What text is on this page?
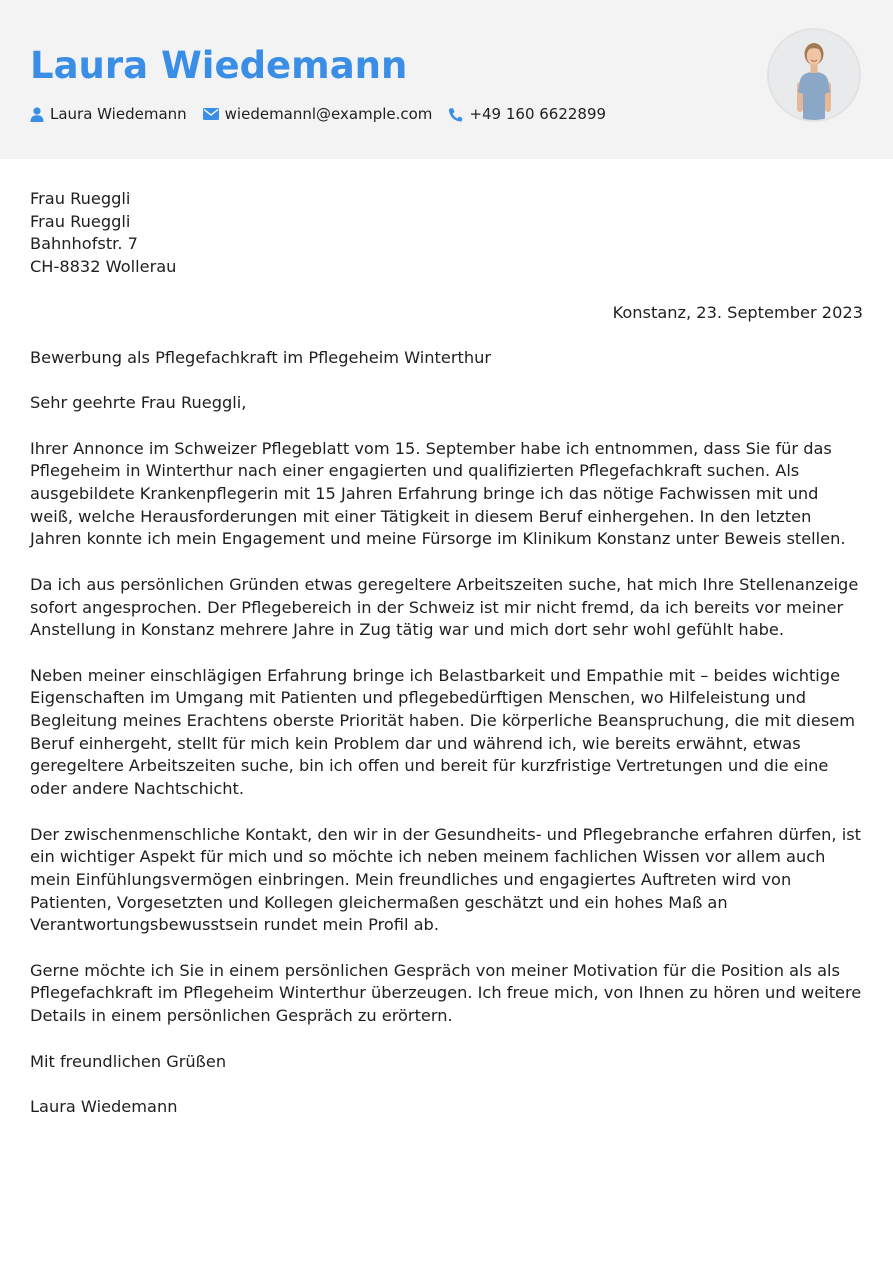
Laura Wiedemann
Laura Wiedemann	wiedemannl@example.com +49 160 6622899

Frau Rueggli

Frau Rueggli

Bahnhofstr. 7

CH-8832 Wollerau

Konstanz, 23. September 2023

Bewerbung als Pflegefachkraft im Pflegeheim Winterthur

Sehr geehrte Frau Rueggli,

Ihrer Annonce im Schweizer Pflegeblatt vom 15. September habe ich entnommen, dass Sie für das Pflegeheim in Winterthur nach einer engagierten und qualifizierten Pflegefachkraft suchen. Als ausgebildete Krankenpflegerin mit 15 Jahren Erfahrung bringe ich das nötige Fachwissen mit und weiß, welche Herausforderungen mit einer Tätigkeit in diesem Beruf einhergehen. In den letzten Jahren konnte ich mein Engagement und meine Fürsorge im Klinikum Konstanz unter Beweis stellen.

Da ich aus persönlichen Gründen etwas geregeltere Arbeitszeiten suche, hat mich Ihre Stellenanzeige sofort angesprochen. Der Pflegebereich in der Schweiz ist mir nicht fremd, da ich bereits vor meiner Anstellung in Konstanz mehrere Jahre in Zug tätig war und mich dort sehr wohl gefühlt habe.

Neben meiner einschlägigen Erfahrung bringe ich Belastbarkeit und Empathie mit – beides wichtige Eigenschaften im Umgang mit Patienten und pflegebedürftigen Menschen, wo Hilfeleistung und Begleitung meines Erachtens oberste Priorität haben. Die körperliche Beanspruchung, die mit diesem Beruf einhergeht, stellt für mich kein Problem dar und während ich, wie bereits erwähnt, etwas geregeltere Arbeitszeiten suche, bin ich offen und bereit für kurzfristige Vertretungen und die eine oder andere Nachtschicht.

Der zwischenmenschliche Kontakt, den wir in der Gesundheits- und Pflegebranche erfahren dürfen, ist ein wichtiger Aspekt für mich und so möchte ich neben meinem fachlichen Wissen vor allem auch mein Einfühlungsvermögen einbringen. Mein freundliches und engagiertes Auftreten wird von Patienten, Vorgesetzten und Kollegen gleichermaßen geschätzt und ein hohes Maß an Verantwortungsbewusstsein rundet mein Profil ab.

Gerne möchte ich Sie in einem persönlichen Gespräch von meiner Motivation für die Position als als Pflegefachkraft im Pflegeheim Winterthur überzeugen. Ich freue mich, von Ihnen zu hören und weitere Details in einem persönlichen Gespräch zu erörtern.

Mit freundlichen Grüßen

Laura Wiedemann
